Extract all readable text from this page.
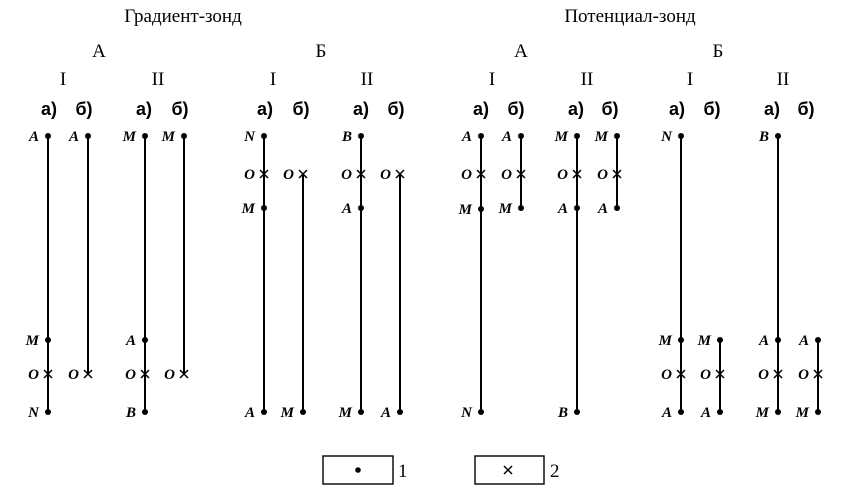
Градиент-зонд	Потенциал-зонд
А	Б	А	Б
I	II	I	II	I	II	I	II
а) б) а) б)	а) б) а) б)	а) б) а) б)	а) б) а) б)
A
M
O
N
A
O
M
A
O
B
M
O
N
O
M
A
O
M
B
O
A
M
O
A
A
O
M
N
A
O
M
M
O
A
B
M
O
A
N
M
O
A
M
O
A
B
A
O
M
A
O
M
1	2
